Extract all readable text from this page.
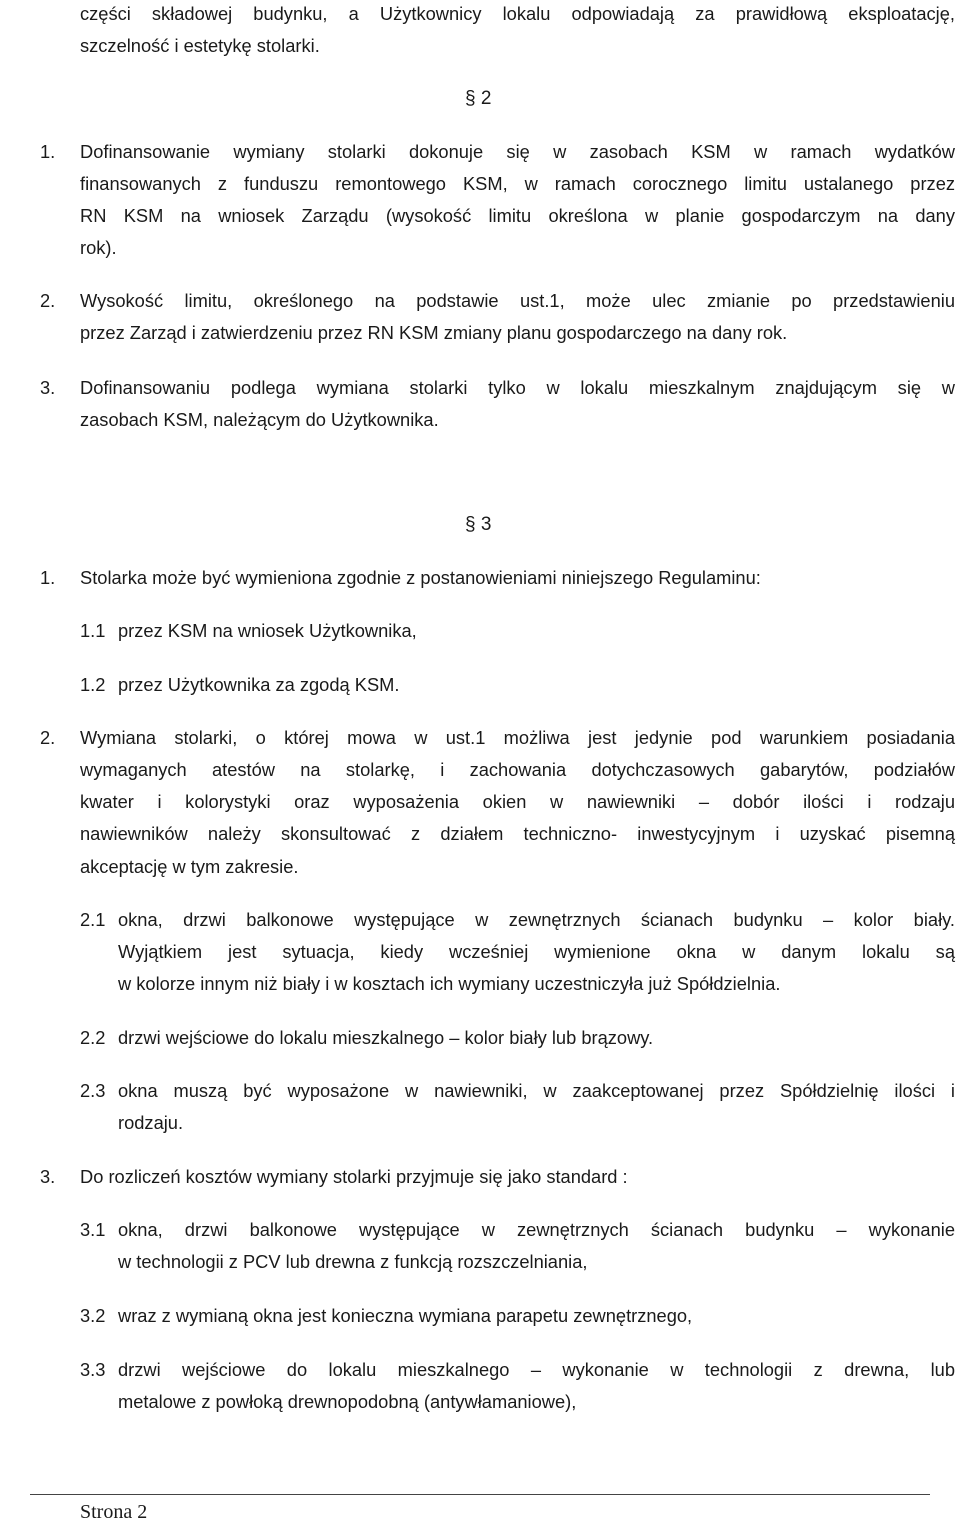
części składowej budynku, a Użytkownicy lokalu odpowiadają za prawidłową eksploatację,
szczelność i estetykę stolarki.
§ 2
1. Dofinansowanie wymiany stolarki dokonuje się w zasobach KSM w ramach wydatków
finansowanych z funduszu remontowego KSM, w ramach corocznego limitu ustalanego przez
RN KSM na wniosek Zarządu (wysokość limitu określona w planie gospodarczym na dany
rok).
2. Wysokość limitu, określonego na podstawie ust.1, może ulec zmianie po przedstawieniu
przez Zarząd i zatwierdzeniu przez RN KSM zmiany planu gospodarczego na dany rok.
3. Dofinansowaniu podlega wymiana stolarki tylko w lokalu mieszkalnym znajdującym się w
zasobach KSM, należącym do Użytkownika.
§ 3
1. Stolarka może być wymieniona zgodnie z postanowieniami niniejszego Regulaminu:
1.1 przez KSM na wniosek Użytkownika,
1.2 przez Użytkownika za zgodą KSM.
2. Wymiana stolarki, o której mowa w ust.1 możliwa jest jedynie pod warunkiem posiadania
wymaganych atestów na stolarkę, i zachowania dotychczasowych gabarytów, podziałów
kwater i kolorystyki oraz wyposażenia okien w nawiewniki – dobór ilości i rodzaju
nawiewników należy skonsultować z działem techniczno- inwestycyjnym i uzyskać pisemną
akceptację w tym zakresie.
2.1 okna, drzwi balkonowe występujące w zewnętrznych ścianach budynku – kolor biały.
Wyjątkiem jest sytuacja, kiedy wcześniej wymienione okna w danym lokalu są
w kolorze innym niż biały i w kosztach ich wymiany uczestniczyła już Spółdzielnia.
2.2 drzwi wejściowe do lokalu mieszkalnego – kolor biały lub brązowy.
2.3 okna muszą być wyposażone w nawiewniki, w zaakceptowanej przez Spółdzielnię ilości i
rodzaju.
3. Do rozliczeń kosztów wymiany stolarki przyjmuje się jako standard :
3.1 okna, drzwi balkonowe występujące w zewnętrznych ścianach budynku – wykonanie
w technologii z PCV lub drewna z funkcją rozszczelniania,
3.2 wraz z wymianą okna jest konieczna wymiana parapetu zewnętrznego,
3.3 drzwi wejściowe do lokalu mieszkalnego – wykonanie w technologii z drewna, lub
metalowe z powłoką drewnopodobną (antywłamaniowe),
Strona 2
